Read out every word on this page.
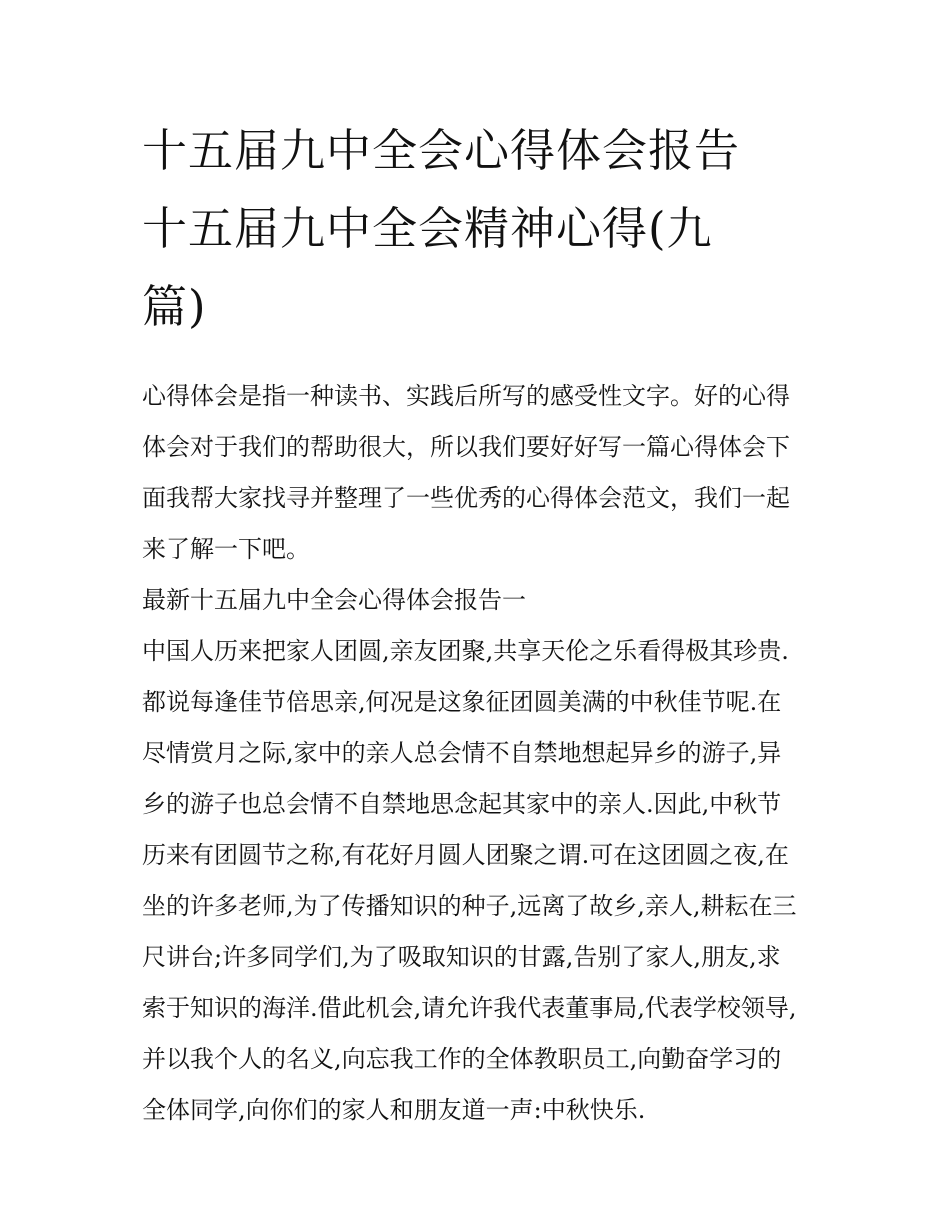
十五届九中全会心得体会报告
十五届九中全会精神心得(九
篇)
心得体会是指一种读书、实践后所写的感受性文字。好的心得
体会对于我们的帮助很大，所以我们要好好写一篇心得体会下
面我帮大家找寻并整理了一些优秀的心得体会范文，我们一起
来了解一下吧。
最新十五届九中全会心得体会报告一
中国人历来把家人团圆,亲友团聚,共享天伦之乐看得极其珍贵.
都说每逢佳节倍思亲,何况是这象征团圆美满的中秋佳节呢.在
尽情赏月之际,家中的亲人总会情不自禁地想起异乡的游子,异
乡的游子也总会情不自禁地思念起其家中的亲人.因此,中秋节
历来有团圆节之称,有花好月圆人团聚之谓.可在这团圆之夜,在
坐的许多老师,为了传播知识的种子,远离了故乡,亲人,耕耘在三
尺讲台;许多同学们,为了吸取知识的甘露,告别了家人,朋友,求
索于知识的海洋.借此机会,请允许我代表董事局,代表学校领导,
并以我个人的名义,向忘我工作的全体教职员工,向勤奋学习的
全体同学,向你们的家人和朋友道一声:中秋快乐.
